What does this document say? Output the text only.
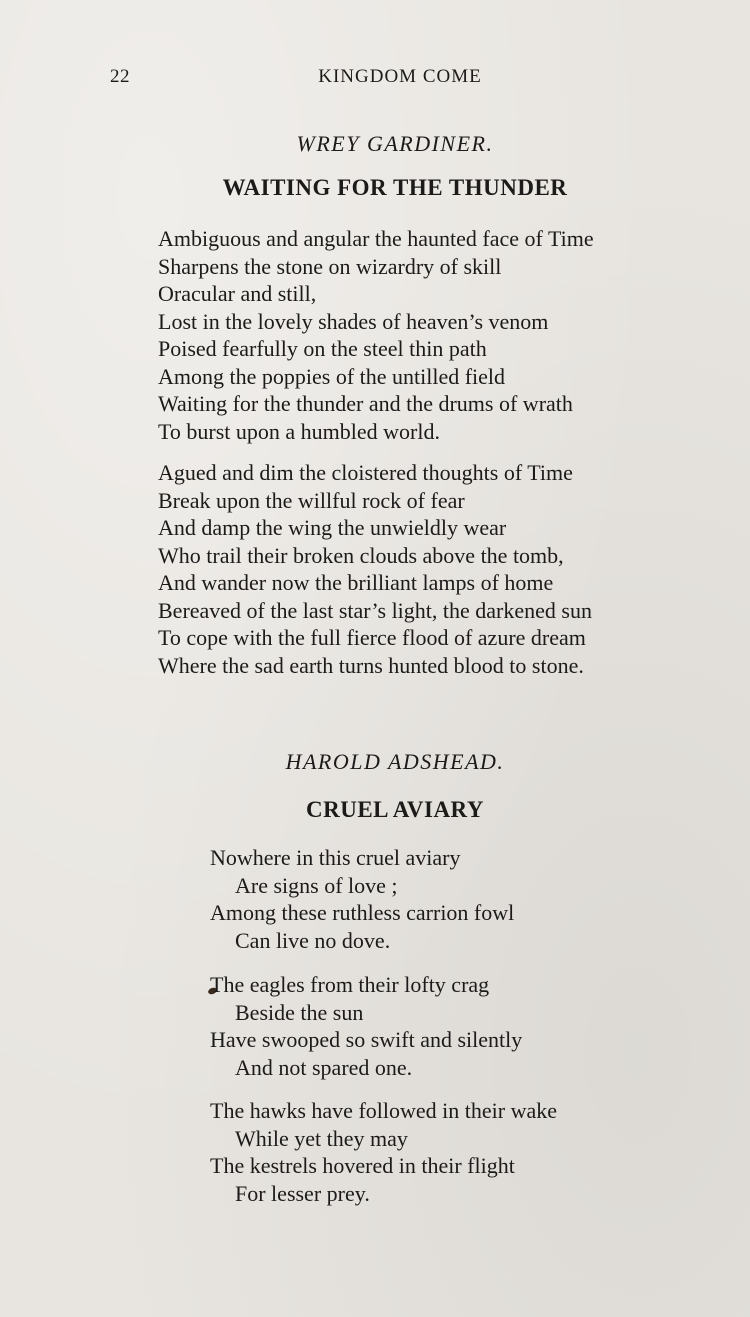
22	KINGDOM COME
WREY GARDINER.
WAITING FOR THE THUNDER
Ambiguous and angular the haunted face of Time
Sharpens the stone on wizardry of skill
Oracular and still,
Lost in the lovely shades of heaven’s venom
Poised fearfully on the steel thin path
Among the poppies of the untilled field
Waiting for the thunder and the drums of wrath
To burst upon a humbled world.
Agued and dim the cloistered thoughts of Time
Break upon the willful rock of fear
And damp the wing the unwieldly wear
Who trail their broken clouds above the tomb,
And wander now the brilliant lamps of home
Bereaved of the last star’s light, the darkened sun
To cope with the full fierce flood of azure dream
Where the sad earth turns hunted blood to stone.
HAROLD ADSHEAD.
CRUEL AVIARY
Nowhere in this cruel aviary
Are signs of love ;
Among these ruthless carrion fowl
Can live no dove.
The eagles from their lofty crag
Beside the sun
Have swooped so swift and silently
And not spared one.
The hawks have followed in their wake
While yet they may
The kestrels hovered in their flight
For lesser prey.
